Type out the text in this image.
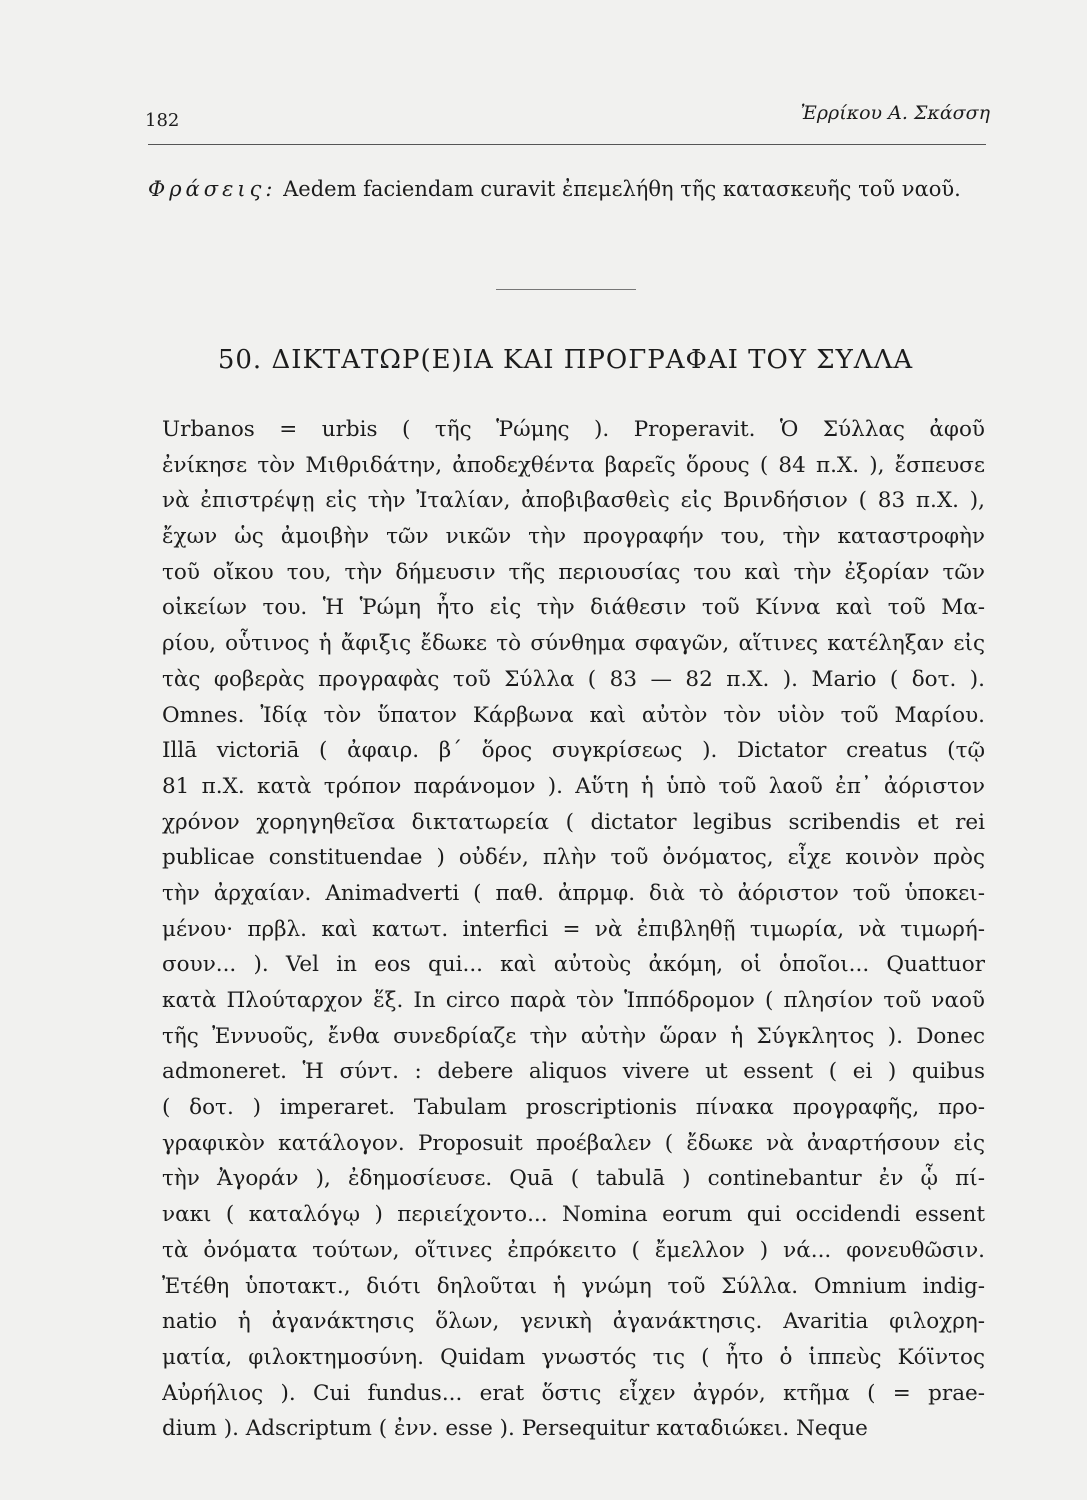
182	Ἐρρίκου Α. Σκάσση
Φράσεις: Aedem faciendam curavit ἐπεμελήθη τῆς κατασκευῆς τοῦ ναοῦ.
50. ΔΙΚΤΑΤΩΡ(Ε)ΙΑ ΚΑΙ ΠΡΟΓΡΑΦΑΙ ΤΟΥ ΣΥΛΛΑ
Urbanos = urbis ( τῆς Ῥώμης ). Properavit. Ὁ Σύλλας ἀφοῦ
ἐνίκησε τὸν Μιθριδάτην, ἀποδεχθέντα βαρεῖς ὅρους ( 84 π.Χ. ), ἔσπευσε
νὰ ἐπιστρέψῃ εἰς τὴν Ἰταλίαν, ἀποβιβασθεὶς εἰς Βρινδήσιον ( 83 π.Χ. ),
ἔχων ὡς ἀμοιβὴν τῶν νικῶν τὴν προγραφήν του, τὴν καταστροφὴν
τοῦ οἴκου του, τὴν δήμευσιν τῆς περιουσίας του καὶ τὴν ἐξορίαν τῶν
οἰκείων του. Ἡ Ῥώμη ἦτο εἰς τὴν διάθεσιν τοῦ Κίννα καὶ τοῦ Μα-
ρίου, οὗτινος ἡ ἄφιξις ἔδωκε τὸ σύνθημα σφαγῶν, αἵτινες κατέληξαν εἰς
τὰς φοβερὰς προγραφὰς τοῦ Σύλλα ( 83 — 82 π.Χ. ). Mario ( δοτ. ).
Omnes. Ἰδίᾳ τὸν ὕπατον Κάρβωνα καὶ αὐτὸν τὸν υἱὸν τοῦ Μαρίου.
Illā victoriā ( ἀφαιρ. β΄ ὅρος συγκρίσεως ). Dictator creatus (τῷ
81 π.Χ. κατὰ τρόπον παράνομον ). Αὕτη ἡ ὑπὸ τοῦ λαοῦ ἐπ᾽ ἀόριστον
χρόνον χορηγηθεῖσα δικτατωρεία ( dictator legibus scribendis et rei
publicae constituendae ) οὐδέν, πλὴν τοῦ ὀνόματος, εἶχε κοινὸν πρὸς
τὴν ἀρχαίαν. Animadverti ( παθ. ἀπρμφ. διὰ τὸ ἀόριστον τοῦ ὑποκει-
μένου· πρβλ. καὶ κατωτ. interfici = νὰ ἐπιβληθῇ τιμωρία, νὰ τιμωρή-
σουν... ). Vel in eos qui... καὶ αὐτοὺς ἀκόμη, οἱ ὁποῖοι... Quattuor
κατὰ Πλούταρχον ἕξ. In circo παρὰ τὸν Ἱππόδρομον ( πλησίον τοῦ ναοῦ
τῆς Ἐννυοῦς, ἔνθα συνεδρίαζε τὴν αὐτὴν ὥραν ἡ Σύγκλητος ). Donec
admoneret. Ἡ σύντ. : debere aliquos vivere ut essent ( ei ) quibus
( δοτ. ) imperaret. Tabulam proscriptionis πίνακα προγραφῆς, προ-
γραφικὸν κατάλογον. Proposuit προέβαλεν ( ἔδωκε νὰ ἀναρτήσουν εἰς
τὴν Ἀγοράν ), ἐδημοσίευσε. Quā ( tabulā ) continebantur ἐν ᾧ πί-
νακι ( καταλόγῳ ) περιείχοντο... Nomina eorum qui occidendi essent
τὰ ὀνόματα τούτων, οἵτινες ἐπρόκειτο ( ἔμελλον ) νά... φονευθῶσιν.
Ἐτέθη ὑποτακτ., διότι δηλοῦται ἡ γνώμη τοῦ Σύλλα. Omnium indig-
natio ἡ ἀγανάκτησις ὅλων, γενικὴ ἀγανάκτησις. Avaritia φιλοχρη-
ματία, φιλοκτημοσύνη. Quidam γνωστός τις ( ἦτο ὁ ἱππεὺς Κόϊντος
Αὐρήλιος ). Cui fundus... erat ὅστις εἶχεν ἀγρόν, κτῆμα ( = prae-
dium ). Adscriptum ( ἐνν. esse ). Persequitur καταδιώκει. Neque
